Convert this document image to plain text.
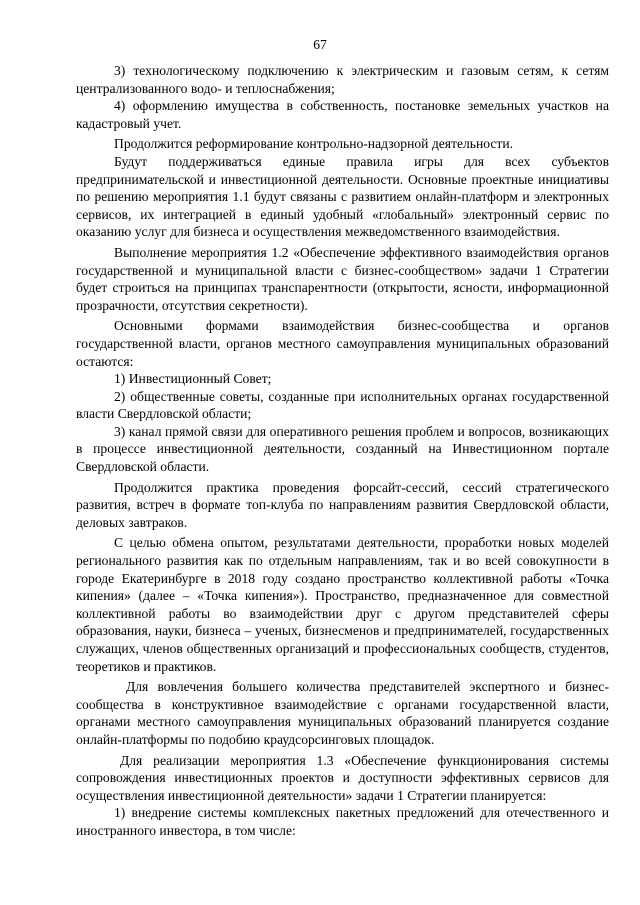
67

3) технологическому подключению к электрическим и газовым сетям, к сетям централизованного водо- и теплоснабжения;

4) оформлению имущества в собственность, постановке земельных участков на кадастровый учет.

Продолжится реформирование контрольно-надзорной деятельности.

Будут поддерживаться единые правила игры для всех субъектов предпринимательской и инвестиционной деятельности. Основные проектные инициативы по решению мероприятия 1.1 будут связаны с развитием онлайн-платформ и электронных сервисов, их интеграцией в единый удобный «глобальный» электронный сервис по оказанию услуг для бизнеса и осуществления межведомственного взаимодействия.

Выполнение мероприятия 1.2 «Обеспечение эффективного взаимодействия органов государственной и муниципальной власти с бизнес-сообществом» задачи 1 Стратегии будет строиться на принципах транспарентности (открытости, ясности, информационной прозрачности, отсутствия секретности).

Основными формами взаимодействия бизнес-сообщества и органов государственной власти, органов местного самоуправления муниципальных образований остаются:

1) Инвестиционный Совет;

2) общественные советы, созданные при исполнительных органах государственной власти Свердловской области;

3) канал прямой связи для оперативного решения проблем и вопросов, возникающих в процессе инвестиционной деятельности, созданный на Инвестиционном портале Свердловской области.

Продолжится практика проведения форсайт-сессий, сессий стратегического развития, встреч в формате топ-клуба по направлениям развития Свердловской области, деловых завтраков.

С целью обмена опытом, результатами деятельности, проработки новых моделей регионального развития как по отдельным направлениям, так и во всей совокупности в городе Екатеринбурге в 2018 году создано пространство коллективной работы «Точка кипения» (далее – «Точка кипения»). Пространство, предназначенное для совместной коллективной работы во взаимодействии друг с другом представителей сферы образования, науки, бизнеса – ученых, бизнесменов и предпринимателей, государственных служащих, членов общественных организаций и профессиональных сообществ, студентов, теоретиков и практиков.

Для вовлечения большего количества представителей экспертного и бизнес-сообщества в конструктивное взаимодействие с органами государственной власти, органами местного самоуправления муниципальных образований планируется создание онлайн-платформы по подобию краудсорсинговых площадок.

Для реализации мероприятия 1.3 «Обеспечение функционирования системы сопровождения инвестиционных проектов и доступности эффективных сервисов для осуществления инвестиционной деятельности» задачи 1 Стратегии планируется:

1) внедрение системы комплексных пакетных предложений для отечественного и иностранного инвестора, в том числе:
